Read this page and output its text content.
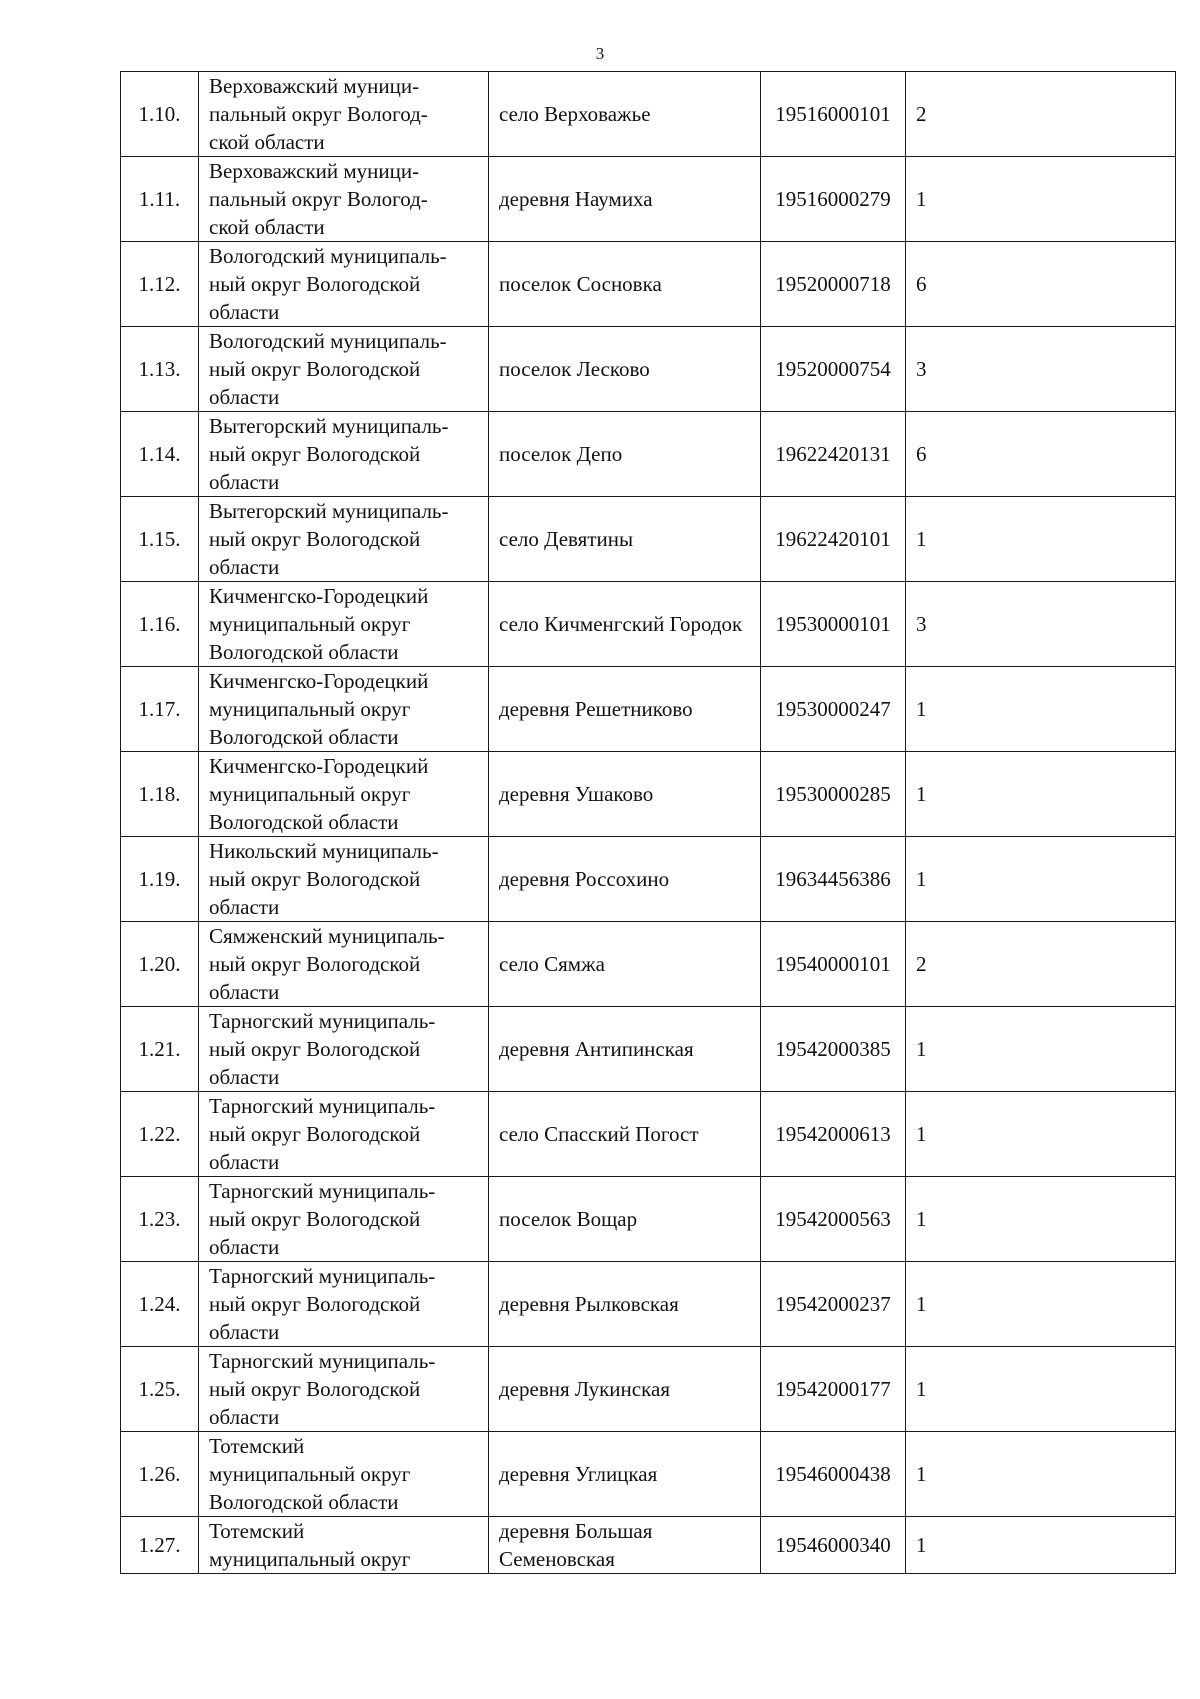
3
1.10.	Верховажский муници-
пальный округ Вологод-
ской области	село Верховажье	19516000101	2
1.11.	Верховажский муници-
пальный округ Вологод-
ской области	деревня Наумиха	19516000279	1
1.12.	Вологодский муниципаль-
ный округ Вологодской
области	поселок Сосновка	19520000718	6
1.13.	Вологодский муниципаль-
ный округ Вологодской
области	поселок Лесково	19520000754	3
1.14.	Вытегорский муниципаль-
ный округ Вологодской
области	поселок Депо	19622420131	6
1.15.	Вытегорский муниципаль-
ный округ Вологодской
области	село Девятины	19622420101	1
1.16.	Кичменгско-Городецкий
муниципальный округ
Вологодской области	село Кичменгский Городок	19530000101	3
1.17.	Кичменгско-Городецкий
муниципальный округ
Вологодской области	деревня Решетниково	19530000247	1
1.18.	Кичменгско-Городецкий
муниципальный округ
Вологодской области	деревня Ушаково	19530000285	1
1.19.	Никольский муниципаль-
ный округ Вологодской
области	деревня Россохино	19634456386	1
1.20.	Сямженский муниципаль-
ный округ Вологодской
области	село Сямжа	19540000101	2
1.21.	Тарногский муниципаль-
ный округ Вологодской
области	деревня Антипинская	19542000385	1
1.22.	Тарногский муниципаль-
ный округ Вологодской
области	село Спасский Погост	19542000613	1
1.23.	Тарногский муниципаль-
ный округ Вологодской
области	поселок Вощар	19542000563	1
1.24.	Тарногский муниципаль-
ный округ Вологодской
области	деревня Рылковская	19542000237	1
1.25.	Тарногский муниципаль-
ный округ Вологодской
области	деревня Лукинская	19542000177	1
1.26.	Тотемский
муниципальный округ
Вологодской области	деревня Углицкая	19546000438	1
1.27.	Тотемский
муниципальный округ	деревня Большая Семеновская	19546000340	1
